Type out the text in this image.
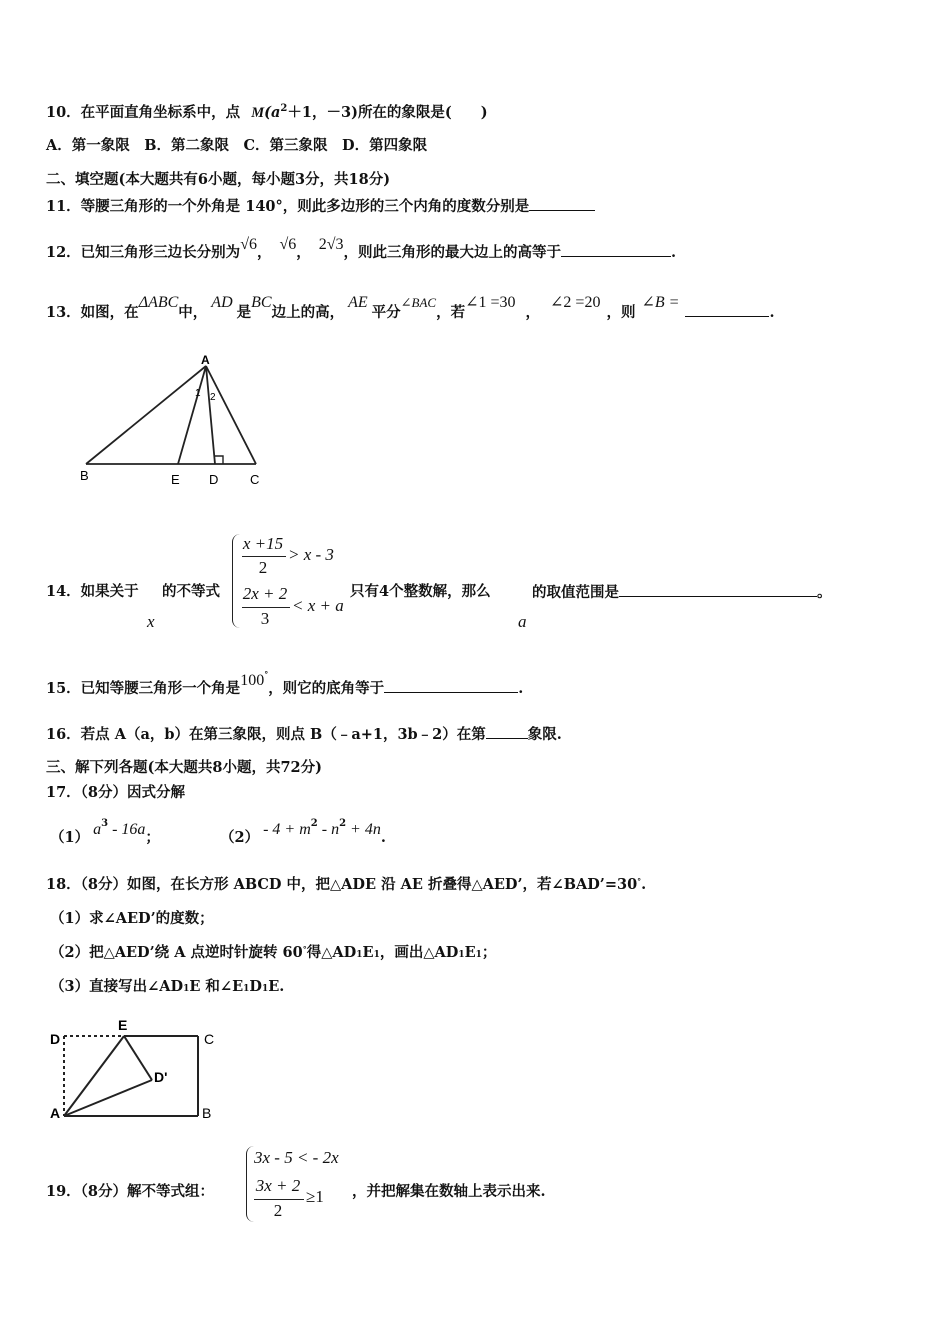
10．在平面直角坐标系中，点 $M(a^2+1$，－3)所在的象限是(　　)
A．第一象限　B．第二象限　C．第三象限　D．第四象限
二、填空题(本大题共有6小题，每小题3分，共18分)
11．等腰三角形的一个外角是 140°，则此多边形的三个内角的度数分别是
12．已知三角形三边长分别为√6， √6， 2√3，则此三角形的最大边上的高等于	.
13．如图，在ΔABC中，AD是BC边上的高，AE平分∠BAC，若∠1 =30，∠2 =20，则∠B =.
A
B	E D C
1 2
14．如果关于
x
的不等式
x +15
2
> x - 3
2x + 2
3
< x + a
只有4个整数解，那么
a
的取值范围是	。
15．已知等腰三角形一个角是100°，则它的底角等于	.
16．若点 A（a，b）在第三象限，则点 B（﹣a+1，3b﹣2）在第	象限.
三、解下列各题(本大题共8小题，共72分)
17．（8分）因式分解
（1） $a^3 - 16a$；	$(2) - 4 + m^2 - n^2 + 4n$.
18．（8分）如图，在长方形 ABCD 中，把△ADE 沿 AE 折叠得△AED’，若∠BAD’=30°.
（1）求∠AED’的度数；
（2）把△AED’绕 A 点逆时针旋转 60°得△AD1E1，画出△AD1E1；
（3）直接写出∠AD1E 和∠E1D1E.
D
E
C
D'
A	B
19．（8分）解不等式组：
3x - 5 < - 2x
3x + 2
2
≥1 ，并把解集在数轴上表示出来.
